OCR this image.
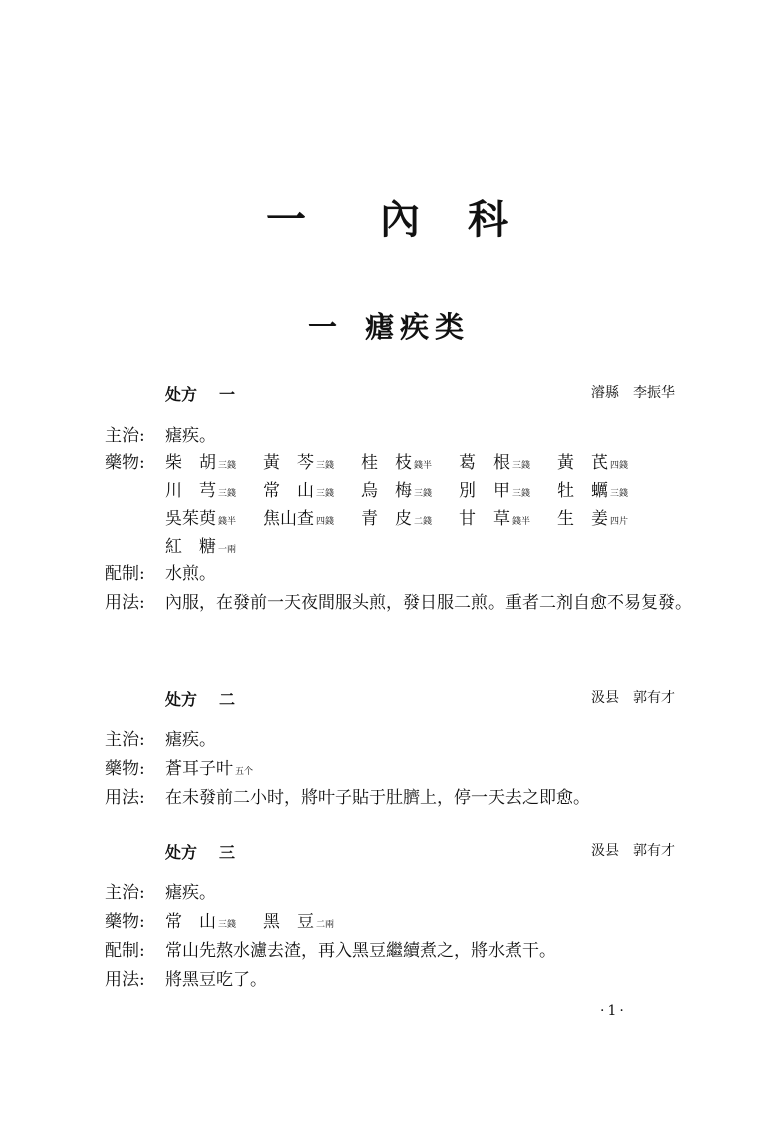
一 內　科
一 瘧疾类
处方 一	濬縣 李振华
主治:	瘧疾。
藥物:	柴　胡 三錢	黃　芩 三錢	桂　枝 錢半	葛　根 三錢	黃　芪 四錢
川　芎 三錢	常　山 三錢	烏　梅 三錢	別　甲 三錢	牡　蠣 三錢
吳茱萸 錢半	焦山查 四錢	青　皮 二錢	甘　草 錢半	生　姜 四片
紅　糖 一兩
配制:	水煎。
用法:	內服，在發前一天夜間服头煎，發日服二煎。重者二剂自愈不易复發。
处方 二	汲县 郭有才
主治:	瘧疾。
藥物:	蒼耳子叶 五个
用法:	在未發前二小时，將叶子貼于肚臍上，停一天去之即愈。
处方 三	汲县 郭有才
主治:	瘧疾。
藥物:	常　山 三錢	黑　豆 二兩
配制:	常山先熬水濾去渣，再入黑豆繼續煮之，將水煮干。
用法:	將黑豆吃了。
·1·
